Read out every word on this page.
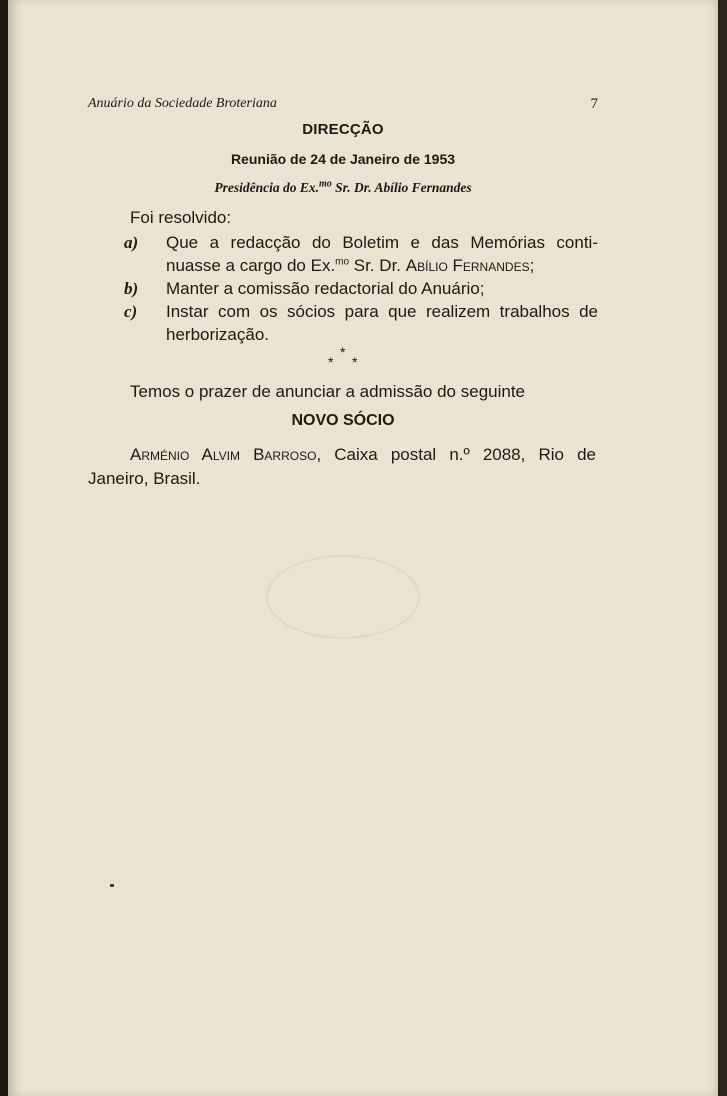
Anuário da Sociedade Broteriana	7
DIRECÇÃO
Reunião de 24 de Janeiro de 1953
Presidência do Ex.$^{mo}$ Sr. Dr. Abílio Fernandes
Foi resolvido:
a) Que a redacção do Boletim e das Memórias conti-
nuasse a cargo do Ex.$^{mo}$ Sr. Dr. Abílio Fernandes;
b) Manter a comissão redactorial do Anuário;
c) Instar com os sócios para que realizem trabalhos de
herborização.
*
* *
Temos o prazer de anunciar a admissão do seguinte
NOVO SÓCIO
Arménio Alvim Barroso, Caixa postal n.º 2088, Rio de
Janeiro, Brasil.
